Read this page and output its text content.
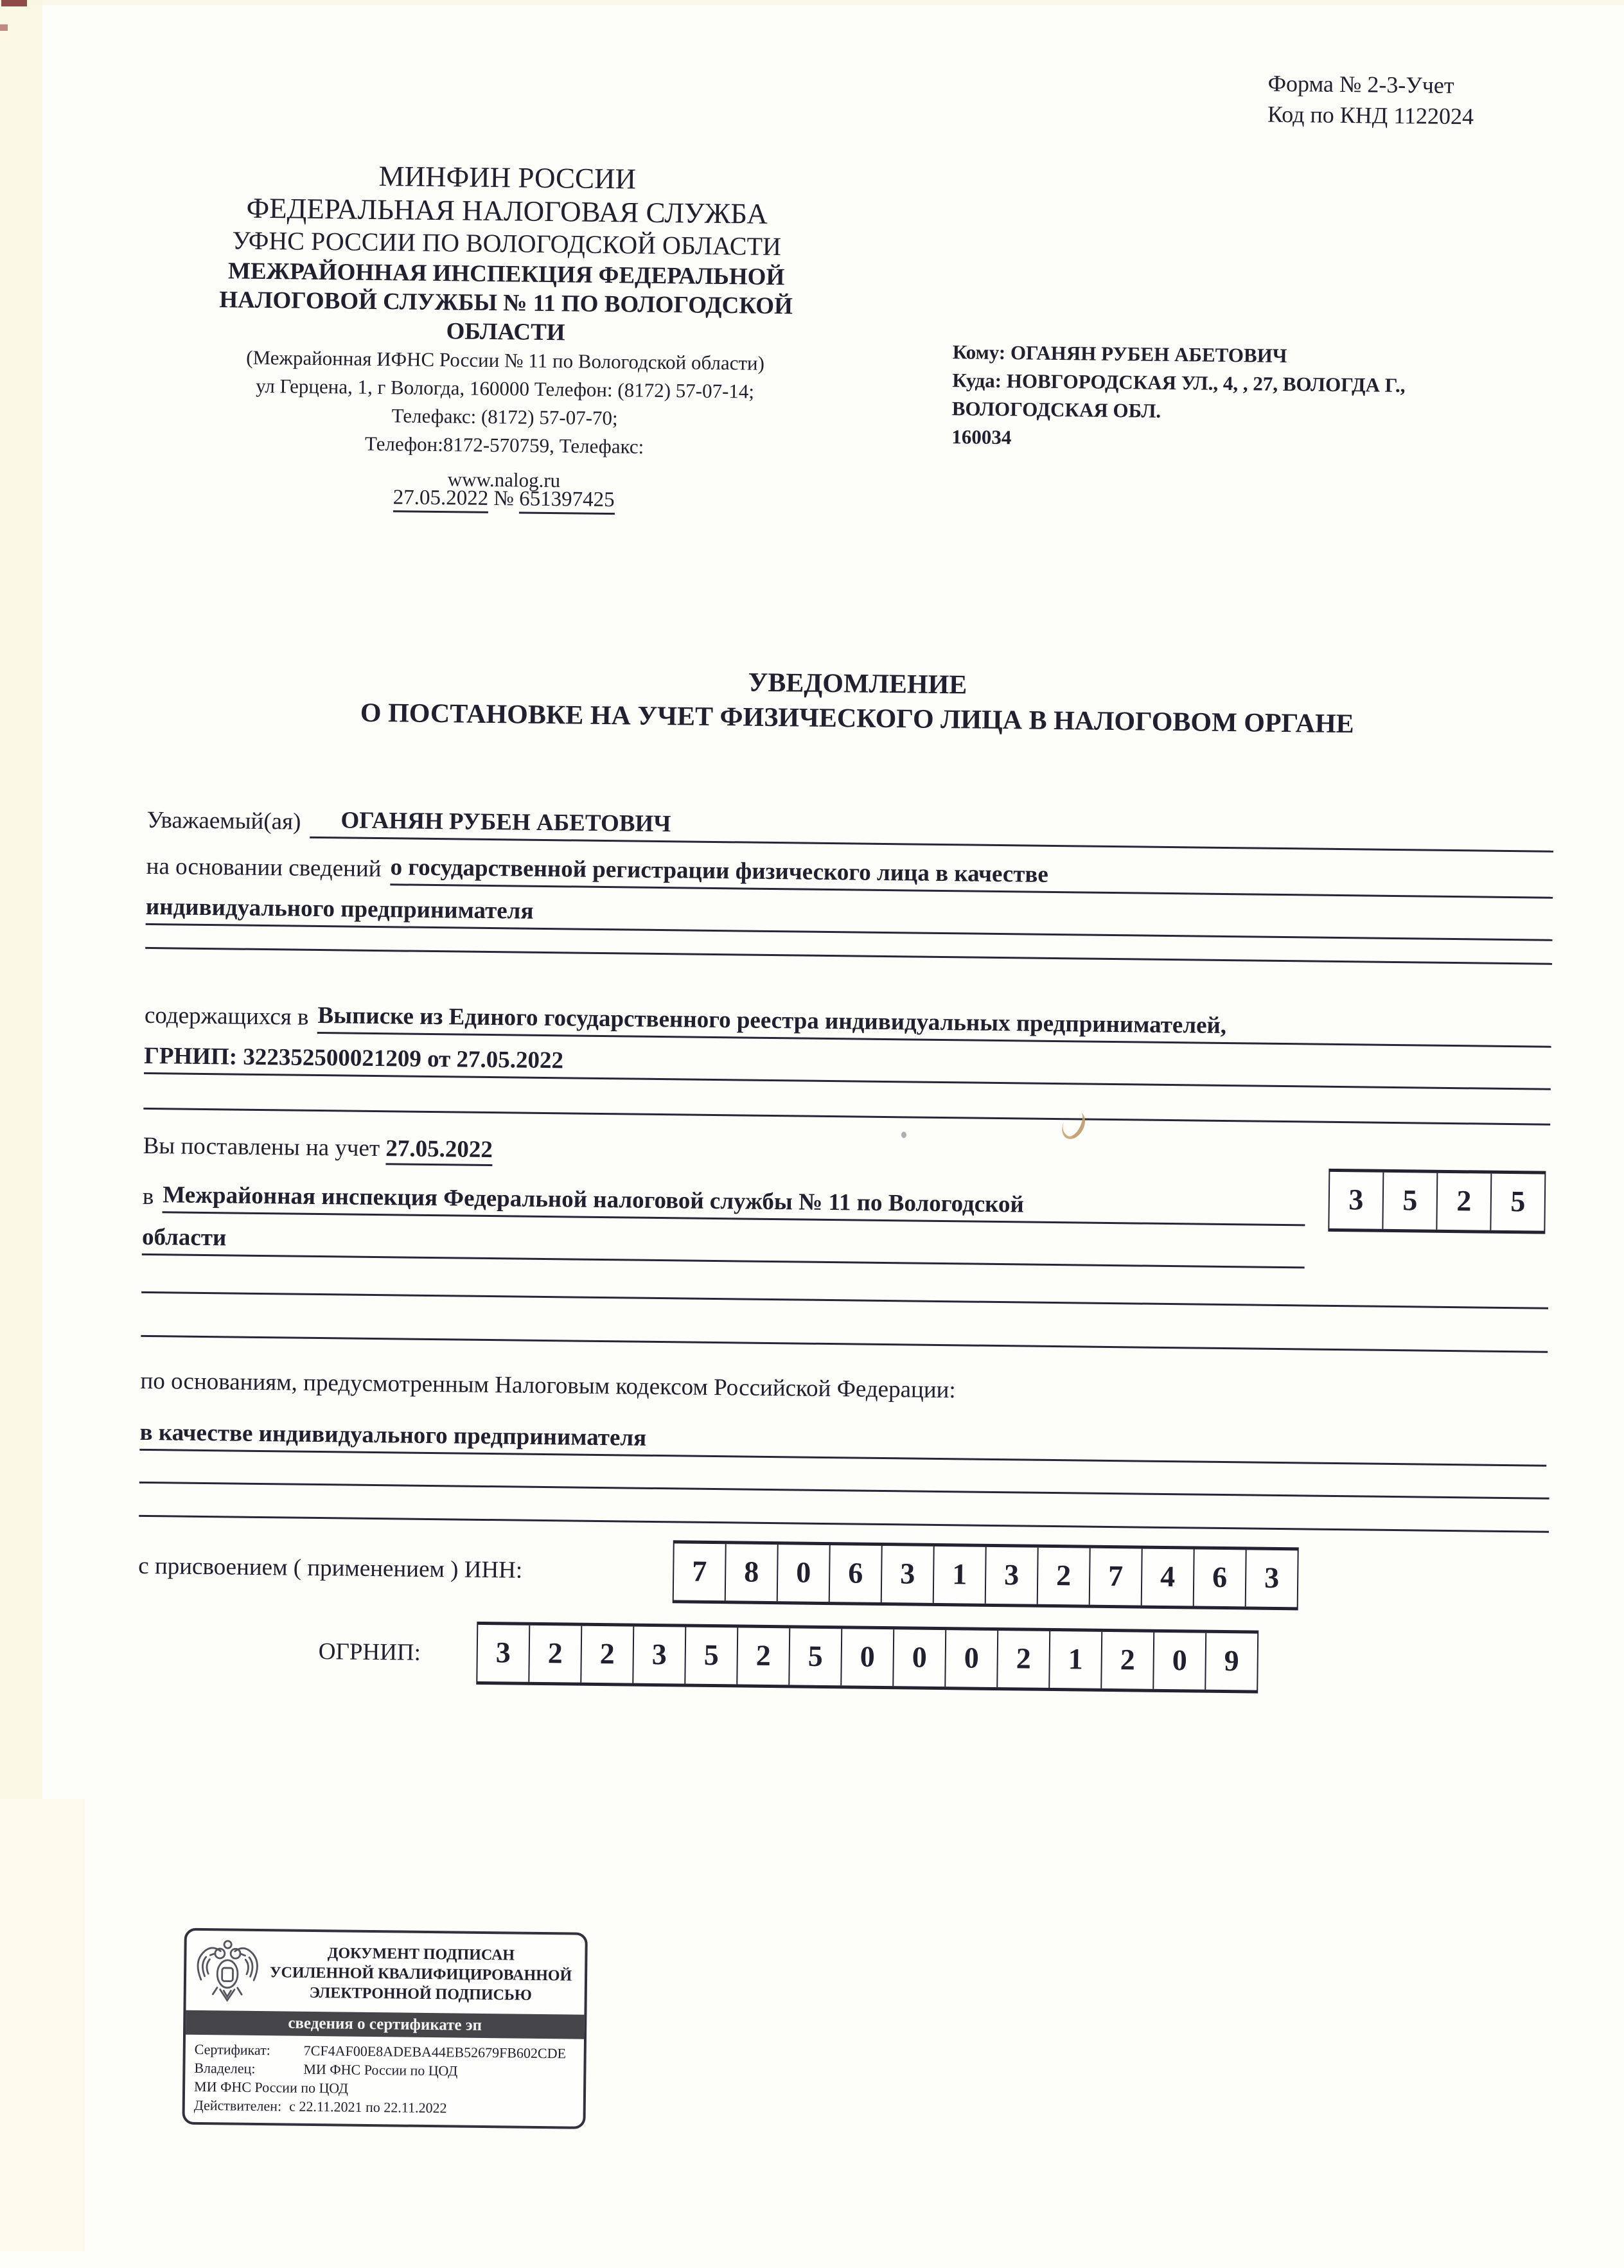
Форма № 2-3-Учет
Код по КНД 1122024
МИНФИН РОССИИ
ФЕДЕРАЛЬНАЯ НАЛОГОВАЯ СЛУЖБА
УФНС РОССИИ ПО ВОЛОГОДСКОЙ ОБЛАСТИ
МЕЖРАЙОННАЯ ИНСПЕКЦИЯ ФЕДЕРАЛЬНОЙ
НАЛОГОВОЙ СЛУЖБЫ № 11 ПО ВОЛОГОДСКОЙ
ОБЛАСТИ
(Межрайонная ИФНС России № 11 по Вологодской области)
ул Герцена, 1, г Вологда, 160000 Телефон: (8172) 57-07-14;
Телефакс: (8172) 57-07-70;
Телефон:8172-570759, Телефакс:
www.nalog.ru
27.05.2022 № 651397425
Кому: ОГАНЯН РУБЕН АБЕТОВИЧ
Куда: НОВГОРОДСКАЯ УЛ., 4, , 27, ВОЛОГДА Г.,
ВОЛОГОДСКАЯ ОБЛ.
160034
УВЕДОМЛЕНИЕ
О ПОСТАНОВКЕ НА УЧЕТ ФИЗИЧЕСКОГО ЛИЦА В НАЛОГОВОМ ОРГАНЕ
Уважаемый(ая)	ОГАНЯН РУБЕН АБЕТОВИЧ
на основании сведений о государственной регистрации физического лица в качестве
индивидуального предпринимателя
содержащихся в Выписке из Единого государственного реестра индивидуальных предпринимателей,
ГРНИП: 322352500021209 от 27.05.2022
Вы поставлены на учет 27.05.2022
в Межрайонная инспекция Федеральной налоговой службы № 11 по Вологодской
области
3	5	2	5
по основаниям, предусмотренным Налоговым кодексом Российской Федерации:
в качестве индивидуального предпринимателя
с присвоением ( применением ) ИНН:	7	8	0	6	3	1	3	2	7	4	6	3
ОГРНИП:	3	2	2	3	5	2	5	0	0	0	2	1	2	0	9
ДОКУМЕНТ ПОДПИСАН
УСИЛЕННОЙ КВАЛИФИЦИРОВАННОЙ
ЭЛЕКТРОННОЙ ПОДПИСЬЮ
сведения о сертификате эп
Сертификат:	7CF4AF00E8ADEBA44EB52679FB602CDE
Владелец:	МИ ФНС России по ЦОД
МИ ФНС России по ЦОД
Действителен: с 22.11.2021 по 22.11.2022
